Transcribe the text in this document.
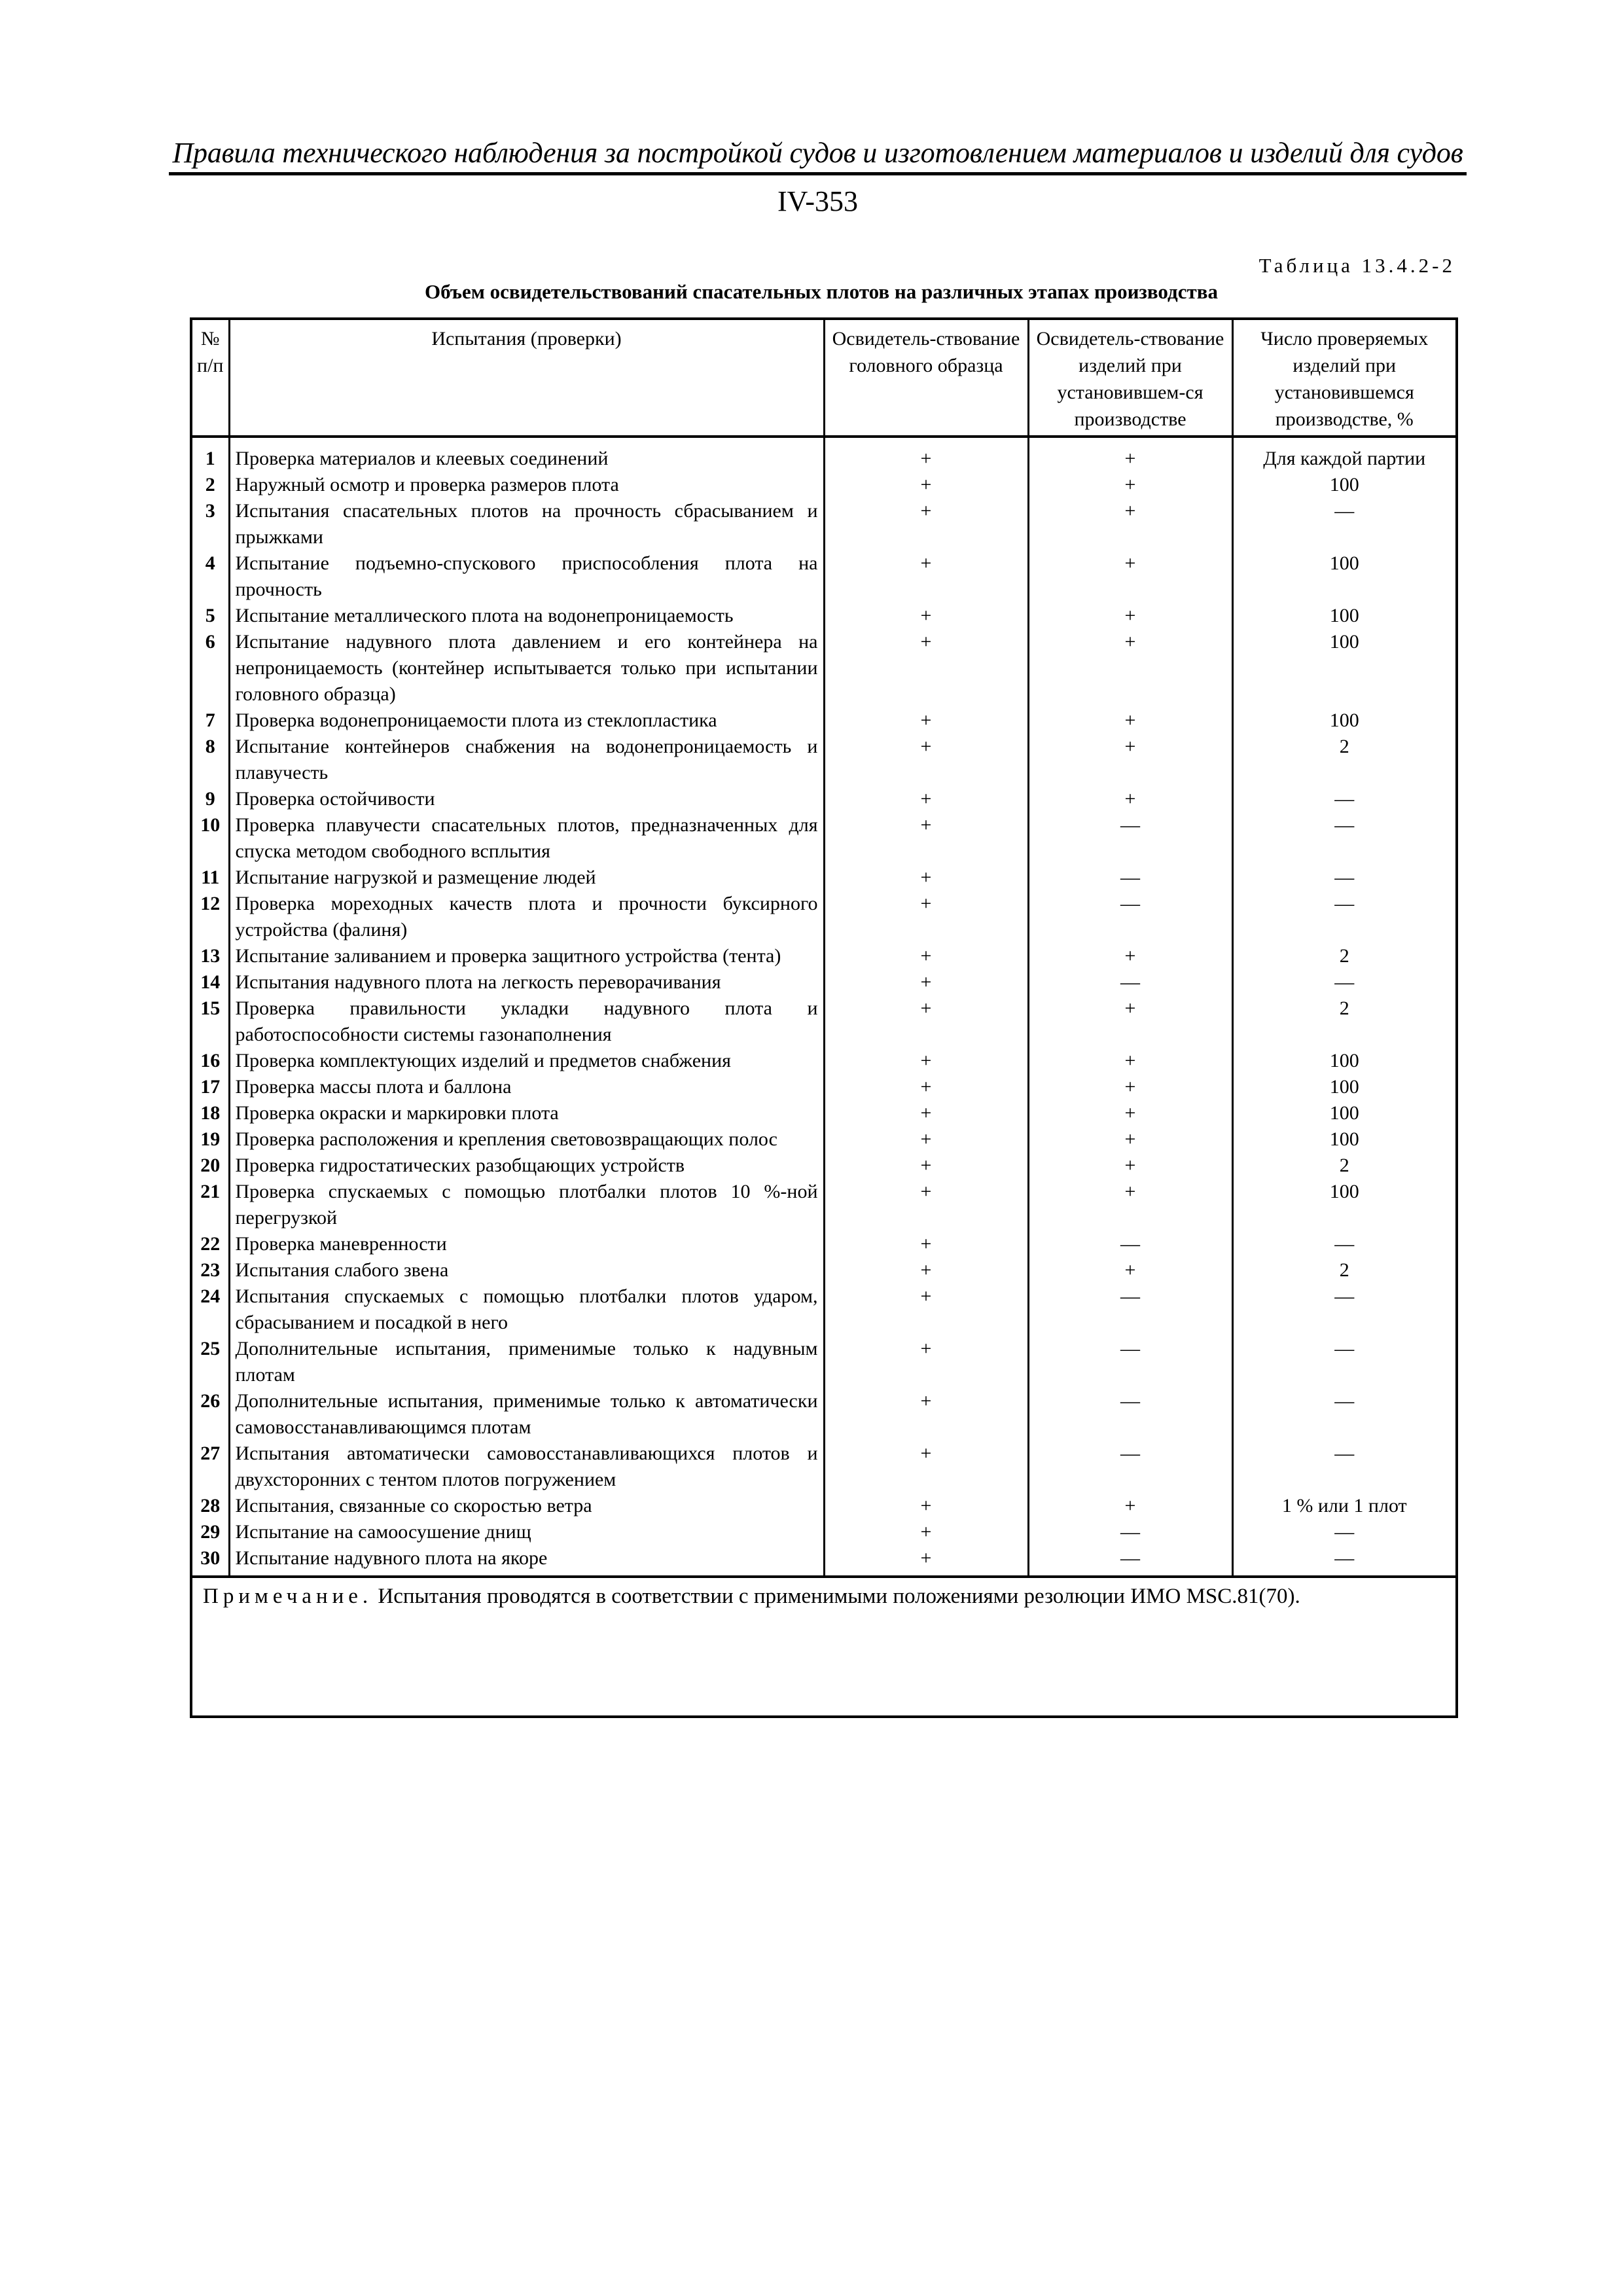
Правила технического наблюдения за постройкой судов и изготовлением материалов и изделий для судов
IV-353
Таблица 13.4.2-2
Объем освидетельствований спасательных плотов на различных этапах производства
№ п/п	Испытания (проверки)	Освидетель-ствование головного образца	Освидетель-ствование изделий при установившем-ся производстве	Число проверяемых изделий при установившемся производстве, %
1	Проверка материалов и клеевых соединений	+	+	Для каждой партии
2	Наружный осмотр и проверка размеров плота	+	+	100
3	Испытания спасательных плотов на прочность сбрасыванием и прыжками	+	+	—
4	Испытание подъемно-спускового приспособления плота на прочность	+	+	100
5	Испытание металлического плота на водонепроницаемость	+	+	100
6	Испытание надувного плота давлением и его контейнера на непроницаемость (контейнер испытывается только при испытании головного образца)	+	+	100
7	Проверка водонепроницаемости плота из стеклопластика	+	+	100
8	Испытание контейнеров снабжения на водонепроницаемость и плавучесть	+	+	2
9	Проверка остойчивости	+	+	—
10	Проверка плавучести спасательных плотов, предназначенных для спуска методом свободного всплытия	+	—	—
11	Испытание нагрузкой и размещение людей	+	—	—
12	Проверка мореходных качеств плота и прочности буксирного устройства (фалиня)	+	—	—
13	Испытание заливанием и проверка защитного устройства (тента)	+	+	2
14	Испытания надувного плота на легкость переворачивания	+	—	—
15	Проверка правильности укладки надувного плота и работоспособности системы газонаполнения	+	+	2
16	Проверка комплектующих изделий и предметов снабжения	+	+	100
17	Проверка массы плота и баллона	+	+	100
18	Проверка окраски и маркировки плота	+	+	100
19	Проверка расположения и крепления световозвращающих полос	+	+	100
20	Проверка гидростатических разобщающих устройств	+	+	2
21	Проверка спускаемых с помощью плотбалки плотов 10 %-ной перегрузкой	+	+	100
22	Проверка маневренности	+	—	—
23	Испытания слабого звена	+	+	2
24	Испытания спускаемых с помощью плотбалки плотов ударом, сбрасыванием и посадкой в него	+	—	—
25	Дополнительные испытания, применимые только к надувным плотам	+	—	—
26	Дополнительные испытания, применимые только к автоматически самовосстанавливающимся плотам	+	—	—
27	Испытания автоматически самовосстанавливающихся плотов и двухсторонних с тентом плотов погружением	+	—	—
28	Испытания, связанные со скоростью ветра	+	+	1 % или 1 плот
29	Испытание на самоосушение днищ	+	—	—
30	Испытание надувного плота на якоре	+	—	—
Примечание. Испытания проводятся в соответствии с применимыми положениями резолюции ИМО MSC.81(70).
